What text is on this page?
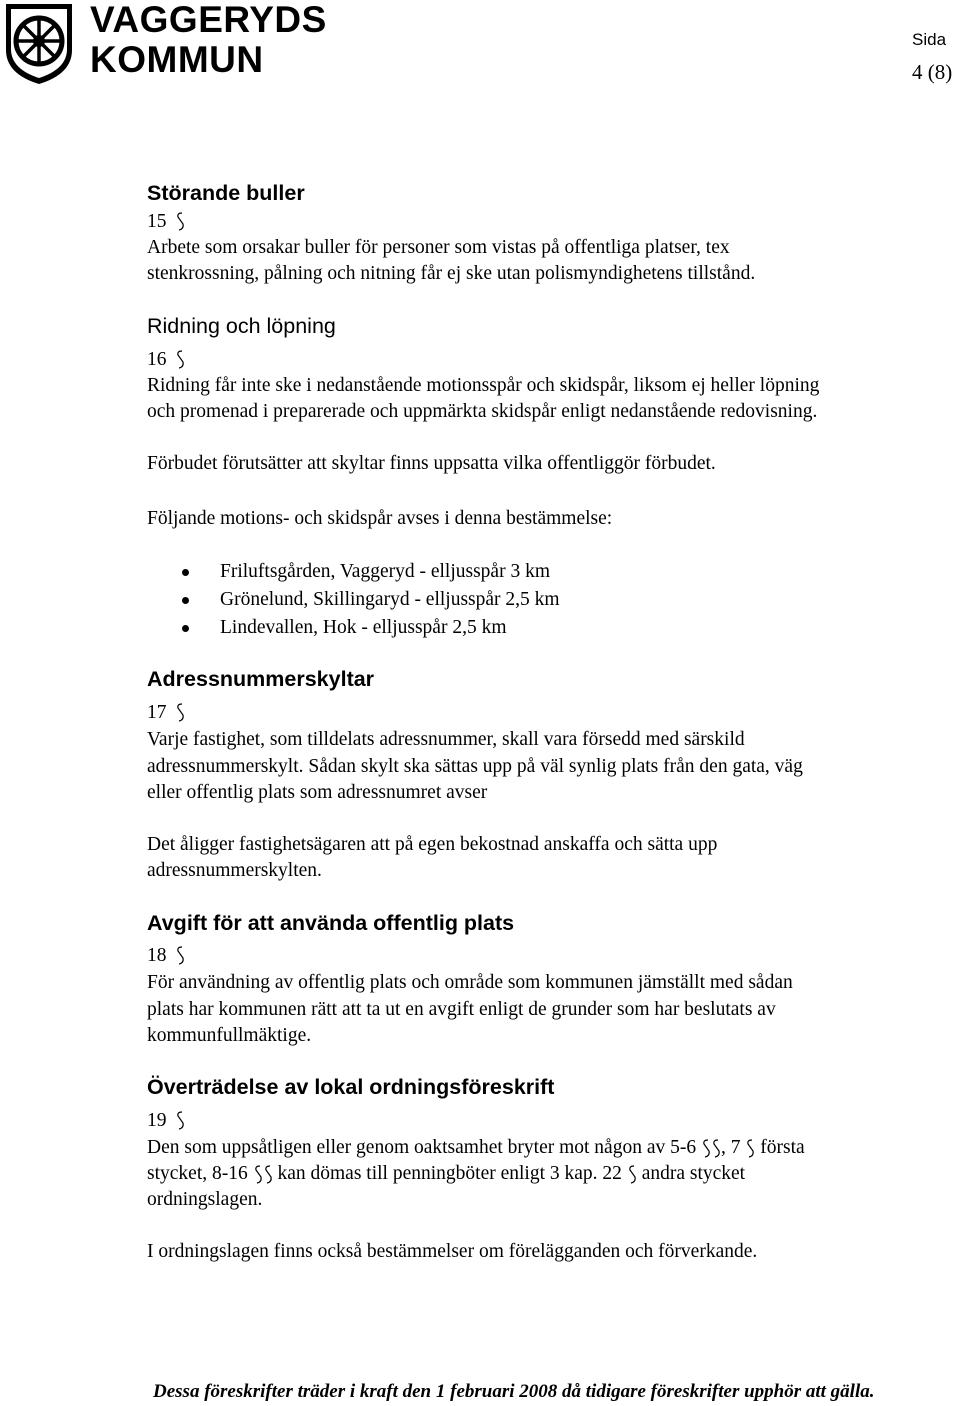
VAGGERYDS
KOMMUN	Sida
4 (8)
Störande buller
15
Arbete som orsakar buller för personer som vistas på offentliga platser, tex
stenkrossning, pålning och nitning får ej ske utan polismyndighetens tillstånd.
Ridning och löpning
16
Ridning får inte ske i nedanstående motionsspår och skidspår, liksom ej heller löpning
och promenad i preparerade och uppmärkta skidspår enligt nedanstående redovisning.
Förbudet förutsätter att skyltar finns uppsatta vilka offentliggör förbudet.
Följande motions- och skidspår avses i denna bestämmelse:
Friluftsgården, Vaggeryd - elljusspår 3 km
Grönelund, Skillingaryd - elljusspår 2,5 km
Lindevallen, Hok - elljusspår 2,5 km
Adressnummerskyltar
17
Varje fastighet, som tilldelats adressnummer, skall vara försedd med särskild
adressnummerskylt. Sådan skylt ska sättas upp på väl synlig plats från den gata, väg
eller offentlig plats som adressnumret avser
Det åligger fastighetsägaren att på egen bekostnad anskaffa och sätta upp
adressnummerskylten.
Avgift för att använda offentlig plats
18
För användning av offentlig plats och område som kommunen jämställt med sådan
plats har kommunen rätt att ta ut en avgift enligt de grunder som har beslutats av
kommunfullmäktige.
Överträdelse av lokal ordningsföreskrift
19
Den som uppsåtligen eller genom oaktsamhet bryter mot någon av 5-6 , 7 första
stycket, 8-16 kan dömas till penningböter enligt 3 kap. 22 andra stycket
ordningslagen.
I ordningslagen finns också bestämmelser om förelägganden och förverkande.
Dessa föreskrifter träder i kraft den 1 februari 2008 då tidigare föreskrifter upphör att gälla.
